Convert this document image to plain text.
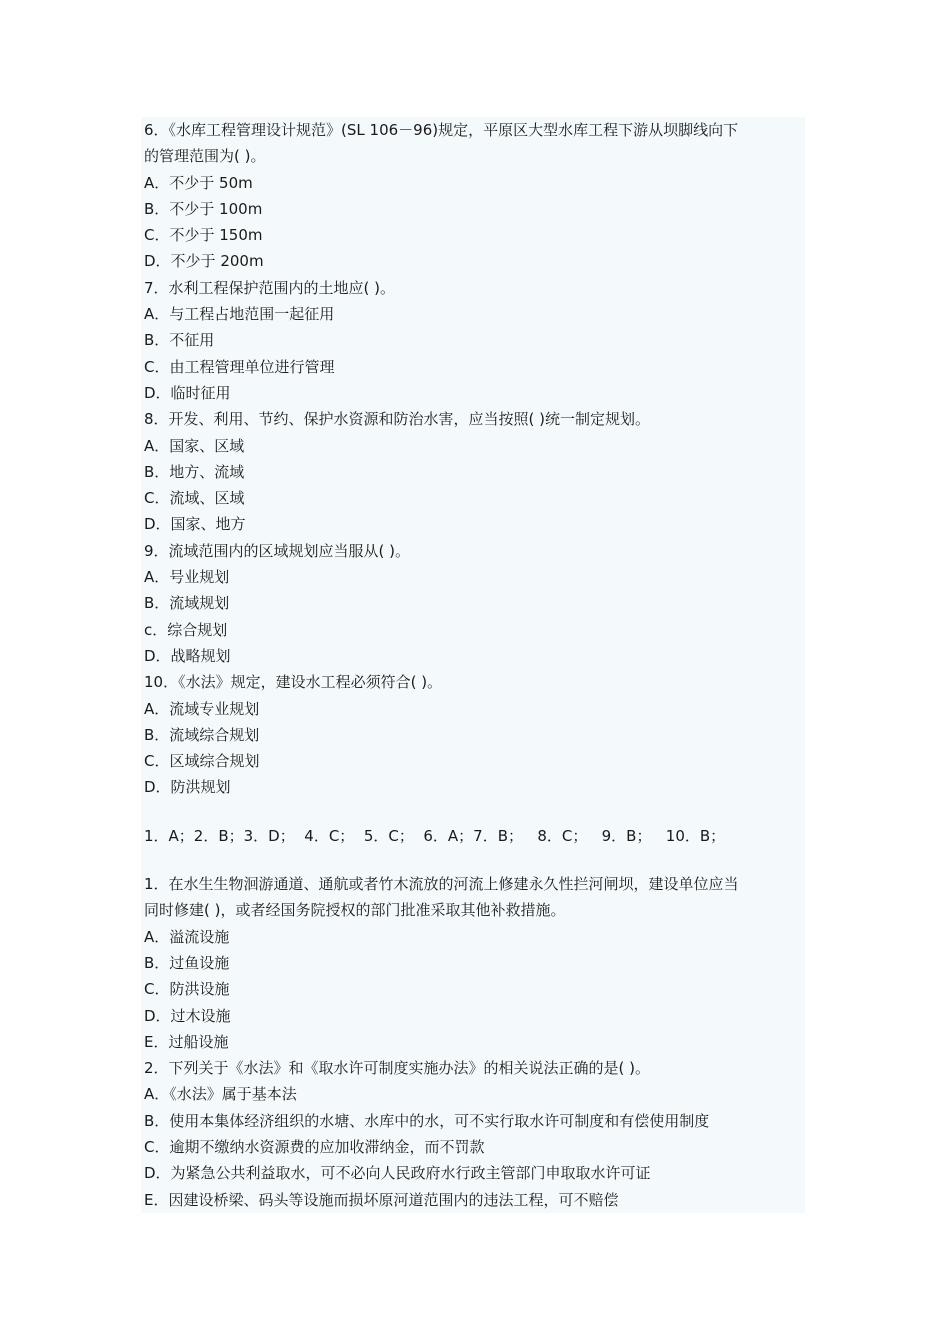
6．《水库工程管理设计规范》(SL 106－96)规定，平原区大型水库工程下游从坝脚线向下
的管理范围为( )。
A．不少于 50m
B．不少于 100m
C．不少于 150m
D．不少于 200m
7．水利工程保护范围内的土地应( )。
A．与工程占地范围一起征用
B．不征用
C．由工程管理单位进行管理
D．临时征用
8．开发、利用、节约、保护水资源和防治水害，应当按照( )统一制定规划。
A．国家、区域
B．地方、流域
C．流域、区域
D．国家、地方
9．流域范围内的区域规划应当服从( )。
A．号业规划
B．流域规划
c．综合规划
D．战略规划
10．《水法》规定，建设水工程必须符合( )。
A．流域专业规划
B．流域综合规划
C．区域综合规划
D．防洪规划
1．A；2．B；3．D；  4．C；  5．C；  6．A；7．B；   8．C；   9．B；   10．B；
1．在水生生物洄游通道、通航或者竹木流放的河流上修建永久性拦河闸坝，建设单位应当
同时修建( )，或者经国务院授权的部门批准采取其他补救措施。
A．溢流设施
B．过鱼设施
C．防洪设施
D．过木设施
E．过船设施
2．下列关于《水法》和《取水许可制度实施办法》的相关说法正确的是( )。
A．《水法》属于基本法
B．使用本集体经济组织的水塘、水库中的水，可不实行取水许可制度和有偿使用制度
C．逾期不缴纳水资源费的应加收滞纳金，而不罚款
D．为紧急公共利益取水，可不必向人民政府水行政主管部门申取取水许可证
E．因建设桥梁、码头等设施而损坏原河道范围内的违法工程，可不赔偿
